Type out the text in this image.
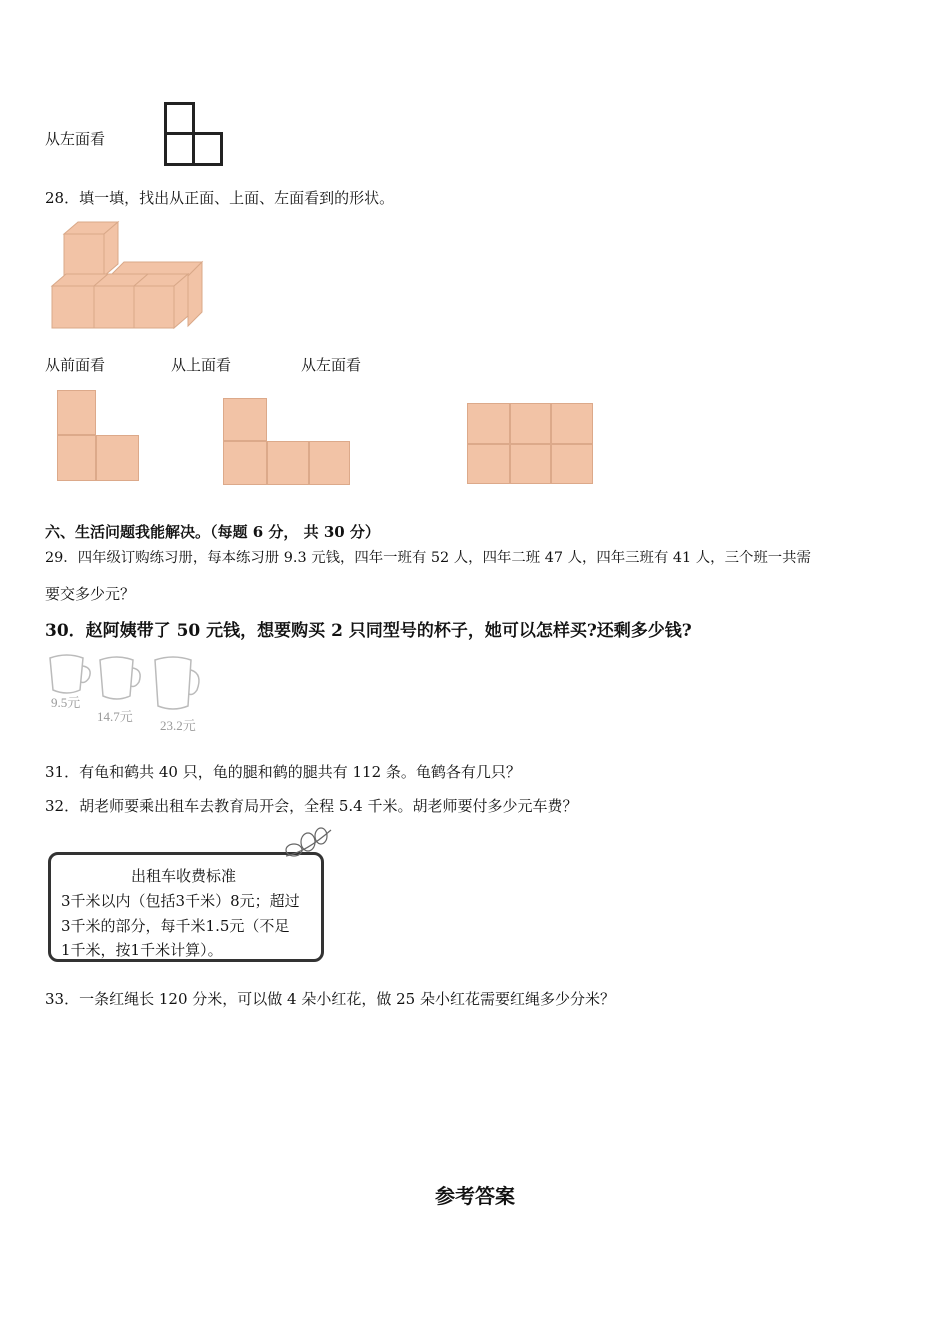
从左面看
28．填一填，找出从正面、上面、左面看到的形状。
从前面看	从上面看	从左面看
六、生活问题我能解决。（每题 6 分， 共 30 分）
29．四年级订购练习册，每本练习册 9.3 元钱，四年一班有 52 人，四年二班 47 人，四年三班有 41 人，三个班一共需
要交多少元？
30．赵阿姨带了 50 元钱，想要购买 2 只同型号的杯子，她可以怎样买?还剩多少钱?
9.5元
14.7元
23.2元
31．有龟和鹤共 40 只，龟的腿和鹤的腿共有 112 条。龟鹤各有几只？
32．胡老师要乘出租车去教育局开会，全程 5.4 千米。胡老师要付多少元车费？
出租车收费标准
3千米以内（包括3千米）8元；超过
3千米的部分，每千米1.5元（不足
1千米，按1千米计算）。
33．一条红绳长 120 分米，可以做 4 朵小红花，做 25 朵小红花需要红绳多少分米？
参考答案
